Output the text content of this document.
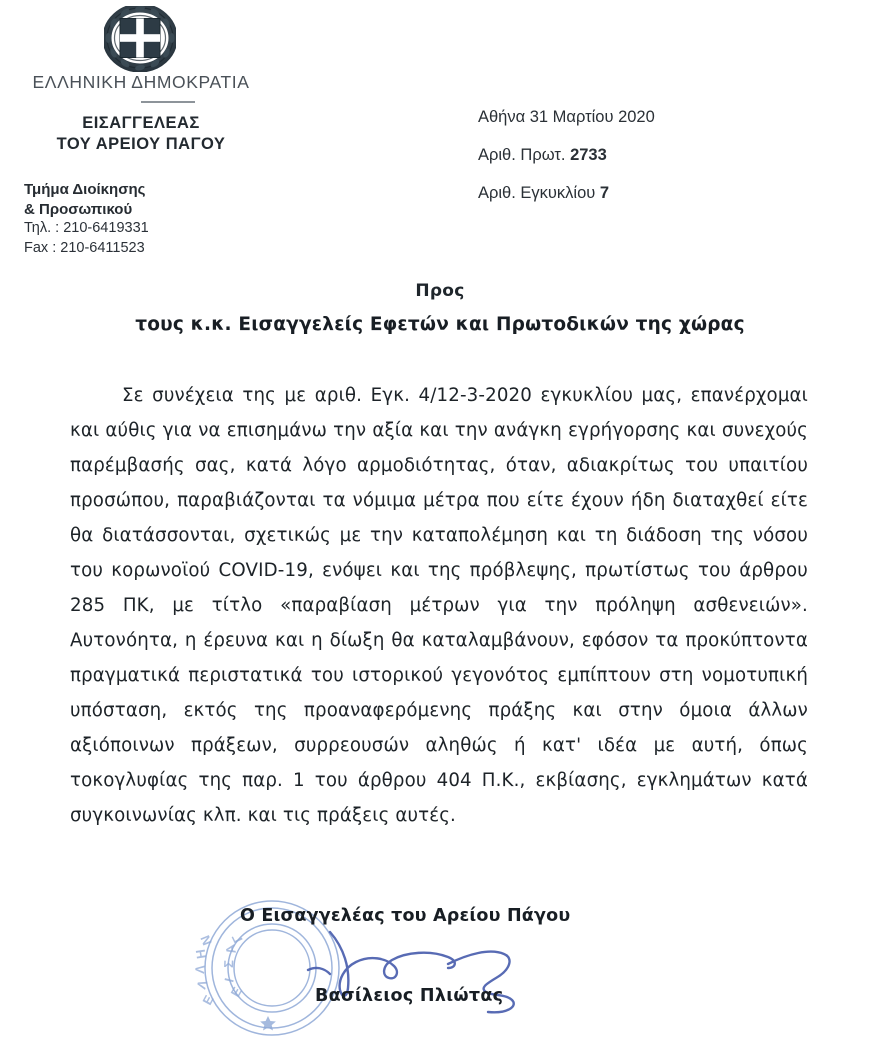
ΕΛΛΗΝΙΚΗ ΔΗΜΟΚΡΑΤΙΑ
ΕΙΣΑΓΓΕΛΕΑΣ
ΤΟΥ ΑΡΕΙΟΥ ΠΑΓΟΥ
Τμήμα Διοίκησης
& Προσωπικού
Τηλ. : 210-6419331
Fax : 210-6411523
Αθήνα 31 Μαρτίου 2020
Αριθ. Πρωτ. 2733
Αριθ. Εγκυκλίου 7
Προς
τους κ.κ. Εισαγγελείς Εφετών και Πρωτοδικών της χώρας

Σε συνέχεια της με αριθ. Εγκ. 4/12-3-2020 εγκυκλίου μας, επανέρχομαι και αύθις για να επισημάνω την αξία και την ανάγκη εγρήγορσης και συνεχούς παρέμβασής σας, κατά λόγο αρμοδιότητας, όταν, αδιακρίτως του υπαιτίου προσώπου, παραβιάζονται τα νόμιμα μέτρα που είτε έχουν ήδη διαταχθεί είτε θα διατάσσονται, σχετικώς με την καταπολέμηση και τη διάδοση της νόσου του κορωνοϊού COVID-19, ενόψει και της πρόβλεψης, πρωτίστως του άρθρου 285 ΠΚ, με τίτλο «παραβίαση μέτρων για την πρόληψη ασθενειών». Αυτονόητα, η έρευνα και η δίωξη θα καταλαμβάνουν, εφόσον τα προκύπτοντα πραγματικά περιστατικά του ιστορικού γεγονότος εμπίπτουν στη νομοτυπική υπόσταση, εκτός της προαναφερόμενης πράξης και στην όμοια άλλων αξιόποινων πράξεων, συρρεουσών αληθώς ή κατ' ιδέα με αυτή, όπως τοκογλυφίας της παρ. 1 του άρθρου 404 Π.Κ., εκβίασης, εγκλημάτων κατά συγκοινωνίας κλπ. και τις πράξεις αυτές.

Ε
Λ
Λ
Η
Ν
Ε
Ι
Σ
Α
Γ
Ο Εισαγγελέας του Αρείου Πάγου
Βασίλειος Πλιώτας
